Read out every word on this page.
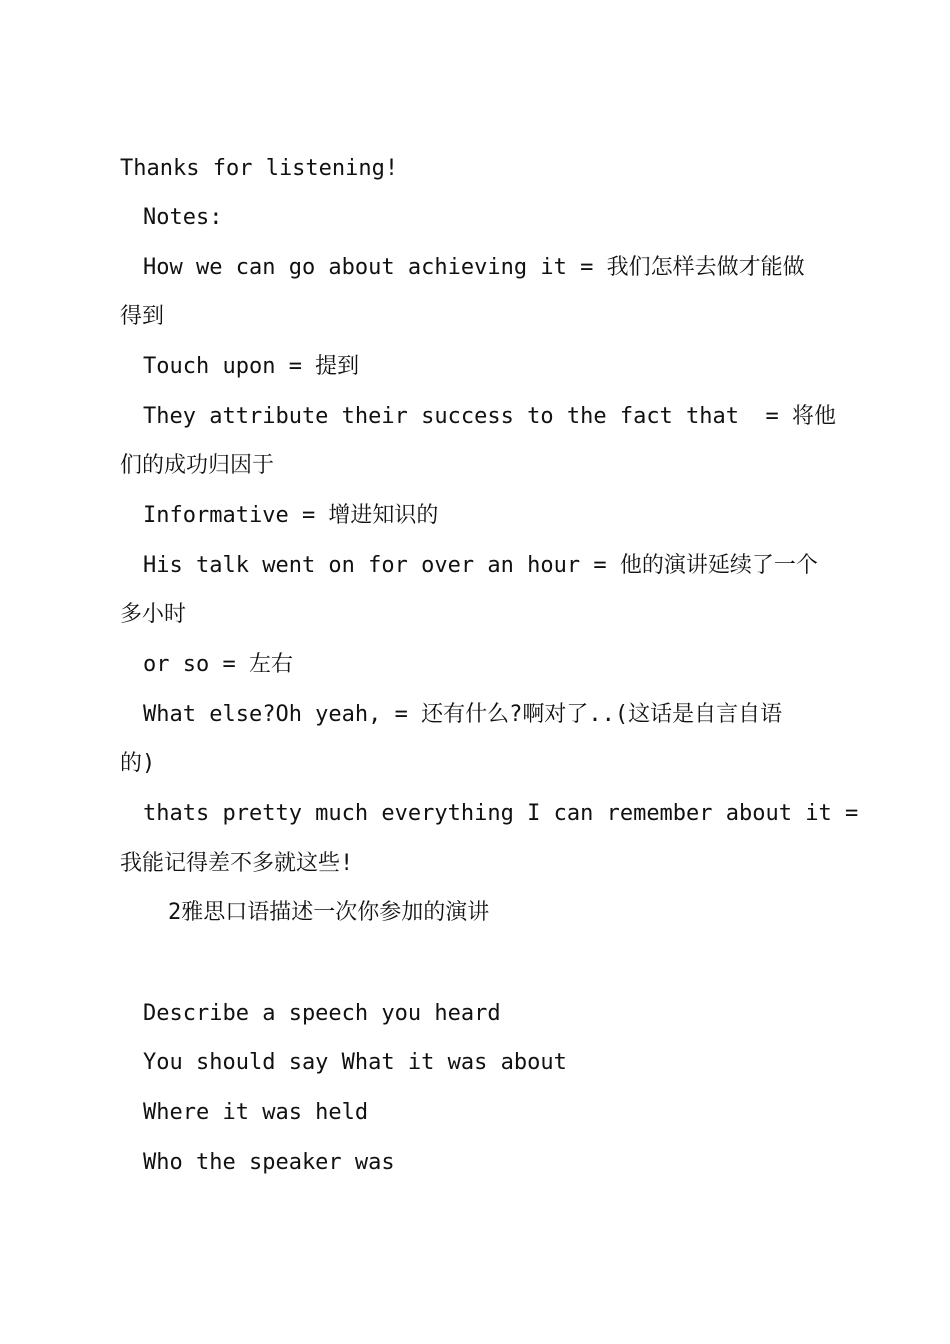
Thanks for listening!
Notes:
How we can go about achieving it = 我们怎样去做才能做
得到
Touch upon = 提到
They attribute their success to the fact that  = 将他
们的成功归因于
Informative = 增进知识的
His talk went on for over an hour = 他的演讲延续了一个
多小时
or so = 左右
What else?Oh yeah, = 还有什么?啊对了..(这话是自言自语
的)
thats pretty much everything I can remember about it =
我能记得差不多就这些!
2雅思口语描述一次你参加的演讲
Describe a speech you heard
You should say What it was about
Where it was held
Who the speaker was
